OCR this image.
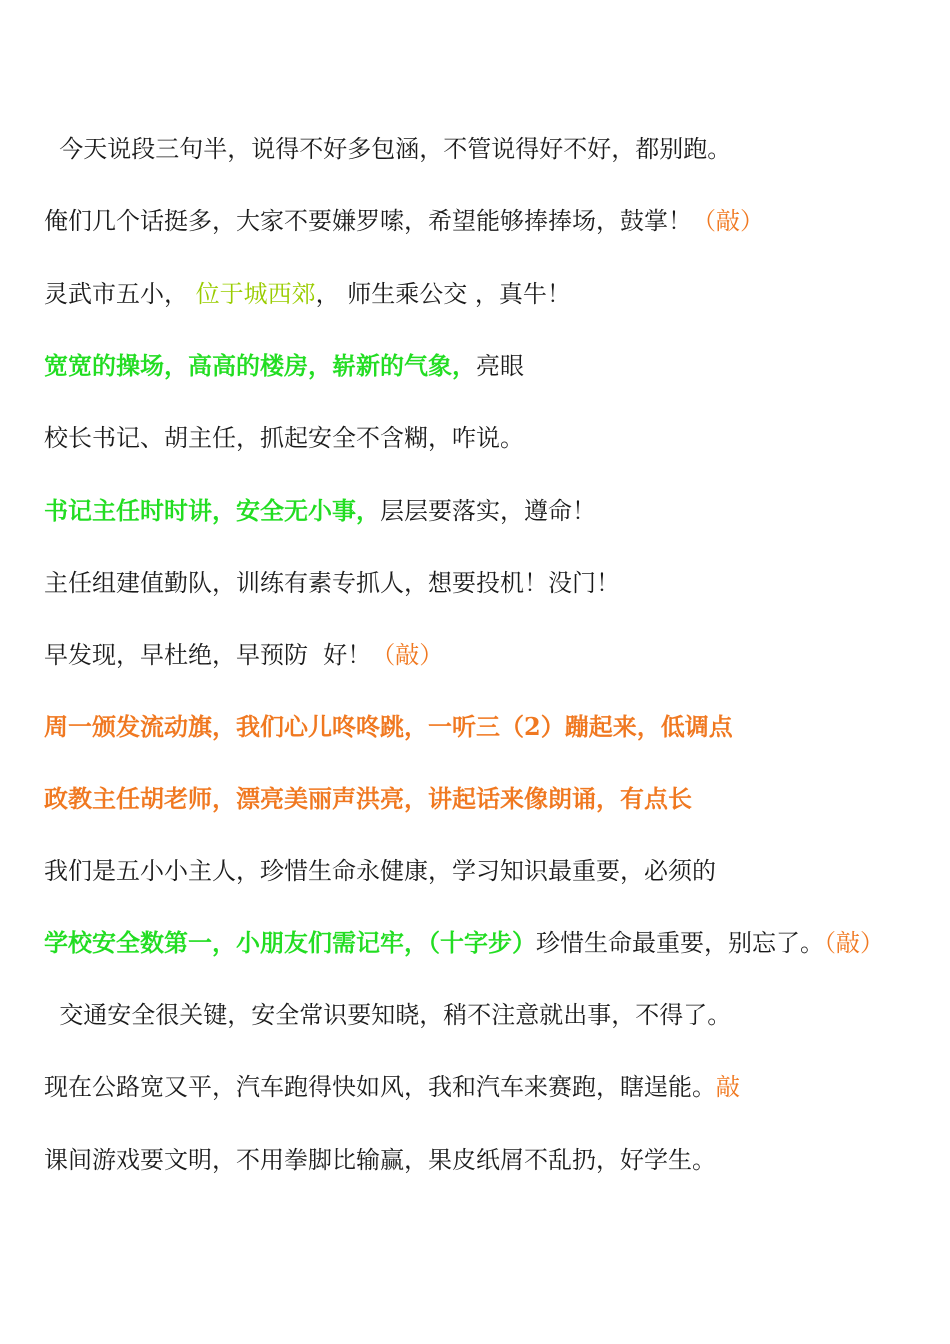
今天说段三句半，说得不好多包涵，不管说得好不好，都别跑。
俺们几个话挺多，大家不要嫌罗嗦，希望能够捧捧场，鼓掌！（敲）
灵武市五小， 位于城西郊， 师生乘公交 ，真牛！
宽宽的操场，高高的楼房，崭新的气象，亮眼
校长书记、胡主任，抓起安全不含糊，咋说。
书记主任时时讲，安全无小事，层层要落实，遵命！
主任组建值勤队，训练有素专抓人，想要投机！没门！
早发现，早杜绝，早预防  好！（敲）
周一颁发流动旗，我们心儿咚咚跳，一听三（2）蹦起来，低调点
政教主任胡老师，漂亮美丽声洪亮，讲起话来像朗诵，有点长
我们是五小小主人，珍惜生命永健康，学习知识最重要，必须的
学校安全数第一，小朋友们需记牢，（十字步）珍惜生命最重要，别忘了。（敲）
交通安全很关键，安全常识要知晓，稍不注意就出事，不得了。
现在公路宽又平，汽车跑得快如风，我和汽车来赛跑，瞎逞能。敲
课间游戏要文明，不用拳脚比输赢，果皮纸屑不乱扔，好学生。
